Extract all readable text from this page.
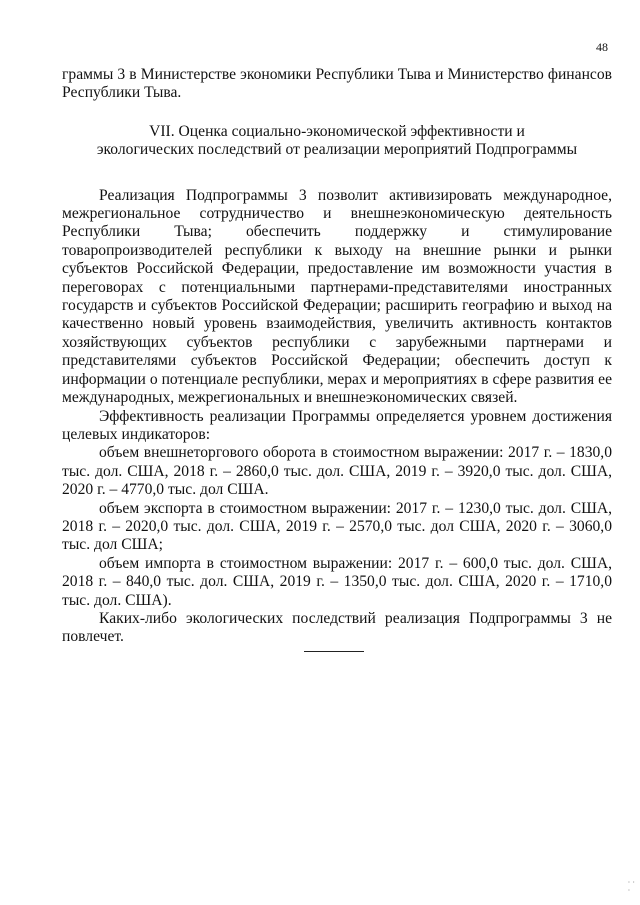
48

граммы 3 в Министерстве экономики Республики Тыва и Министерство финансов Республики Тыва.

VII. Оценка социально-экономической эффективности и
экологических последствий от реализации мероприятий Подпрограммы

Реализация Подпрограммы 3 позволит активизировать международное, межрегиональное сотрудничество и внешнеэкономическую деятельность Республики Тыва; обеспечить поддержку и стимулирование товаропроизводителей республики к выходу на внешние рынки и рынки субъектов Российской Федерации, предоставление им возможности участия в переговорах с потенциальными партнерами-представителями иностранных государств и субъектов Российской Федерации; расширить географию и выход на качественно новый уровень взаимодействия, увеличить активность контактов хозяйствующих субъектов республики с зарубежными партнерами и представителями субъектов Российской Федерации; обеспечить доступ к информации о потенциале республики, мерах и мероприятиях в сфере развития ее международных, межрегиональных и внешнеэкономических связей.

Эффективность реализации Программы определяется уровнем достижения целевых индикаторов:

объем внешнеторгового оборота в стоимостном выражении: 2017 г. – 1830,0 тыс. дол. США, 2018 г. – 2860,0 тыс. дол. США, 2019 г. – 3920,0 тыс. дол. США, 2020 г. – 4770,0 тыс. дол США.

объем экспорта в стоимостном выражении: 2017 г. – 1230,0 тыс. дол. США, 2018 г. – 2020,0 тыс. дол. США, 2019 г. – 2570,0 тыс. дол США, 2020 г. – 3060,0 тыс. дол США;

объем импорта в стоимостном выражении: 2017 г. – 600,0 тыс. дол. США, 2018 г. – 840,0 тыс. дол. США, 2019 г. – 1350,0 тыс. дол. США, 2020 г. – 1710,0 тыс. дол. США).

Каких-либо экологических последствий реализация Подпрограммы 3 не повлечет.

· ·
·
